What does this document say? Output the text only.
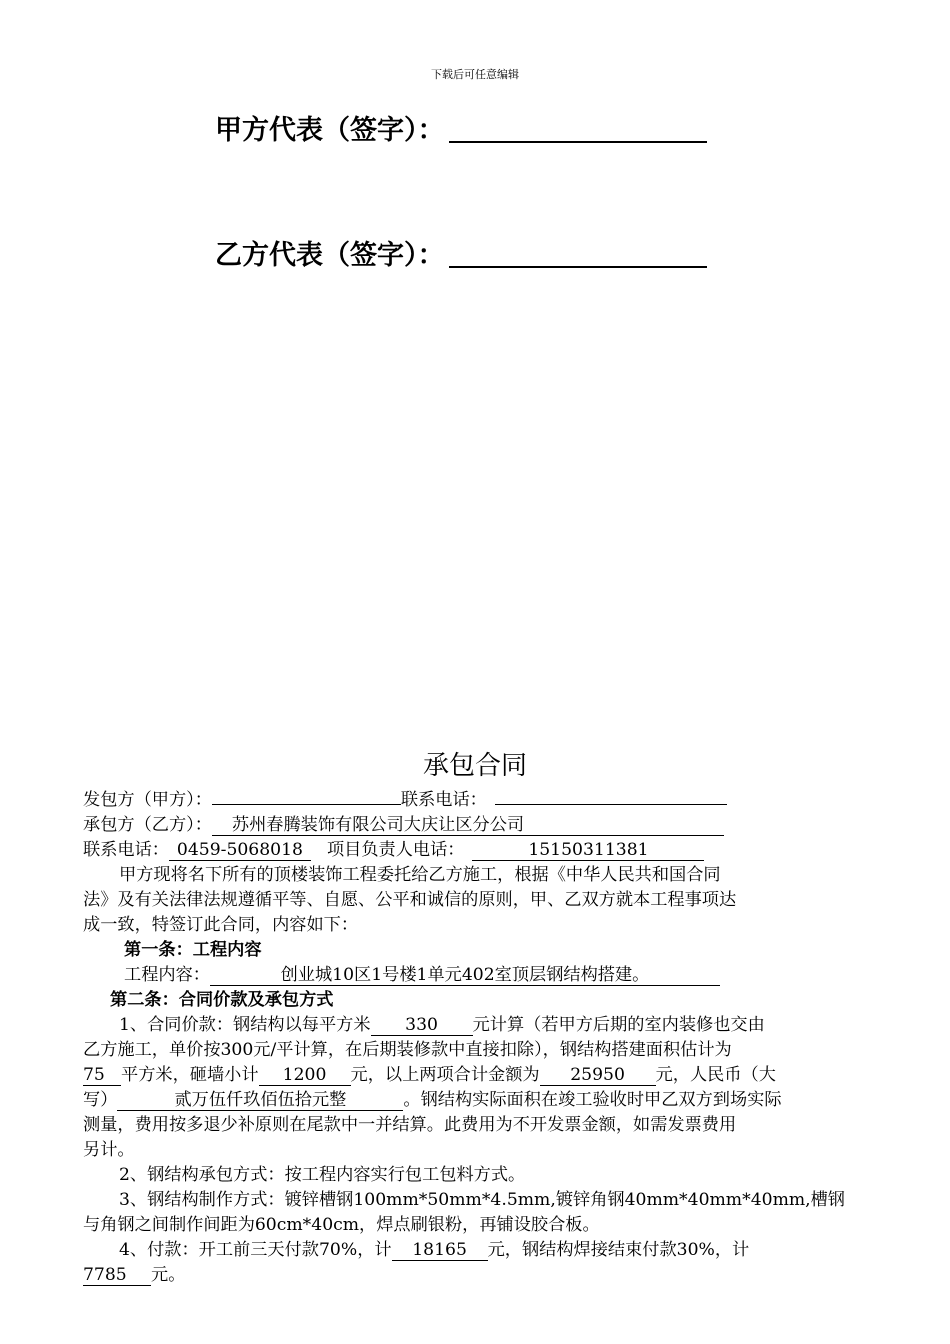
下载后可任意编辑
甲方代表（签字）：
乙方代表（签字）：
承包合同
发包方（甲方）：	联系电话：
承包方（乙方）： 苏州春腾装饰有限公司大庆让区分公司
联系电话： 0459-5068018 项目负责人电话：	15150311381
甲方现将名下所有的顶楼装饰工程委托给乙方施工，根据《中华人民共和国合同
法》及有关法律法规遵循平等、自愿、公平和诚信的原则，甲、乙双方就本工程事项达
成一致，特签订此合同，内容如下：
第一条：工程内容
工程内容：	创业城10区1号楼1单元402室顶层钢结构搭建。
第二条：合同价款及承包方式
1、合同价款：钢结构以每平方米 330 元计算（若甲方后期的室内装修也交由
乙方施工，单价按300元/平计算，在后期装修款中直接扣除），钢结构搭建面积估计为
75 平方米，砸墙小计 1200 元，以上两项合计金额为 25950 元，人民币（大
写）	贰万伍仟玖佰伍拾元整	。钢结构实际面积在竣工验收时甲乙双方到场实际
测量，费用按多退少补原则在尾款中一并结算。此费用为不开发票金额，如需发票费用
另计。
2、钢结构承包方式：按工程内容实行包工包料方式。
3、钢结构制作方式：镀锌槽钢100mm*50mm*4.5mm,镀锌角钢40mm*40mm*40mm,槽钢
与角钢之间制作间距为60cm*40cm，焊点刷银粉，再铺设胶合板。
4、付款：开工前三天付款70%，计 18165 元，钢结构焊接结束付款30%，计
7785 元。
